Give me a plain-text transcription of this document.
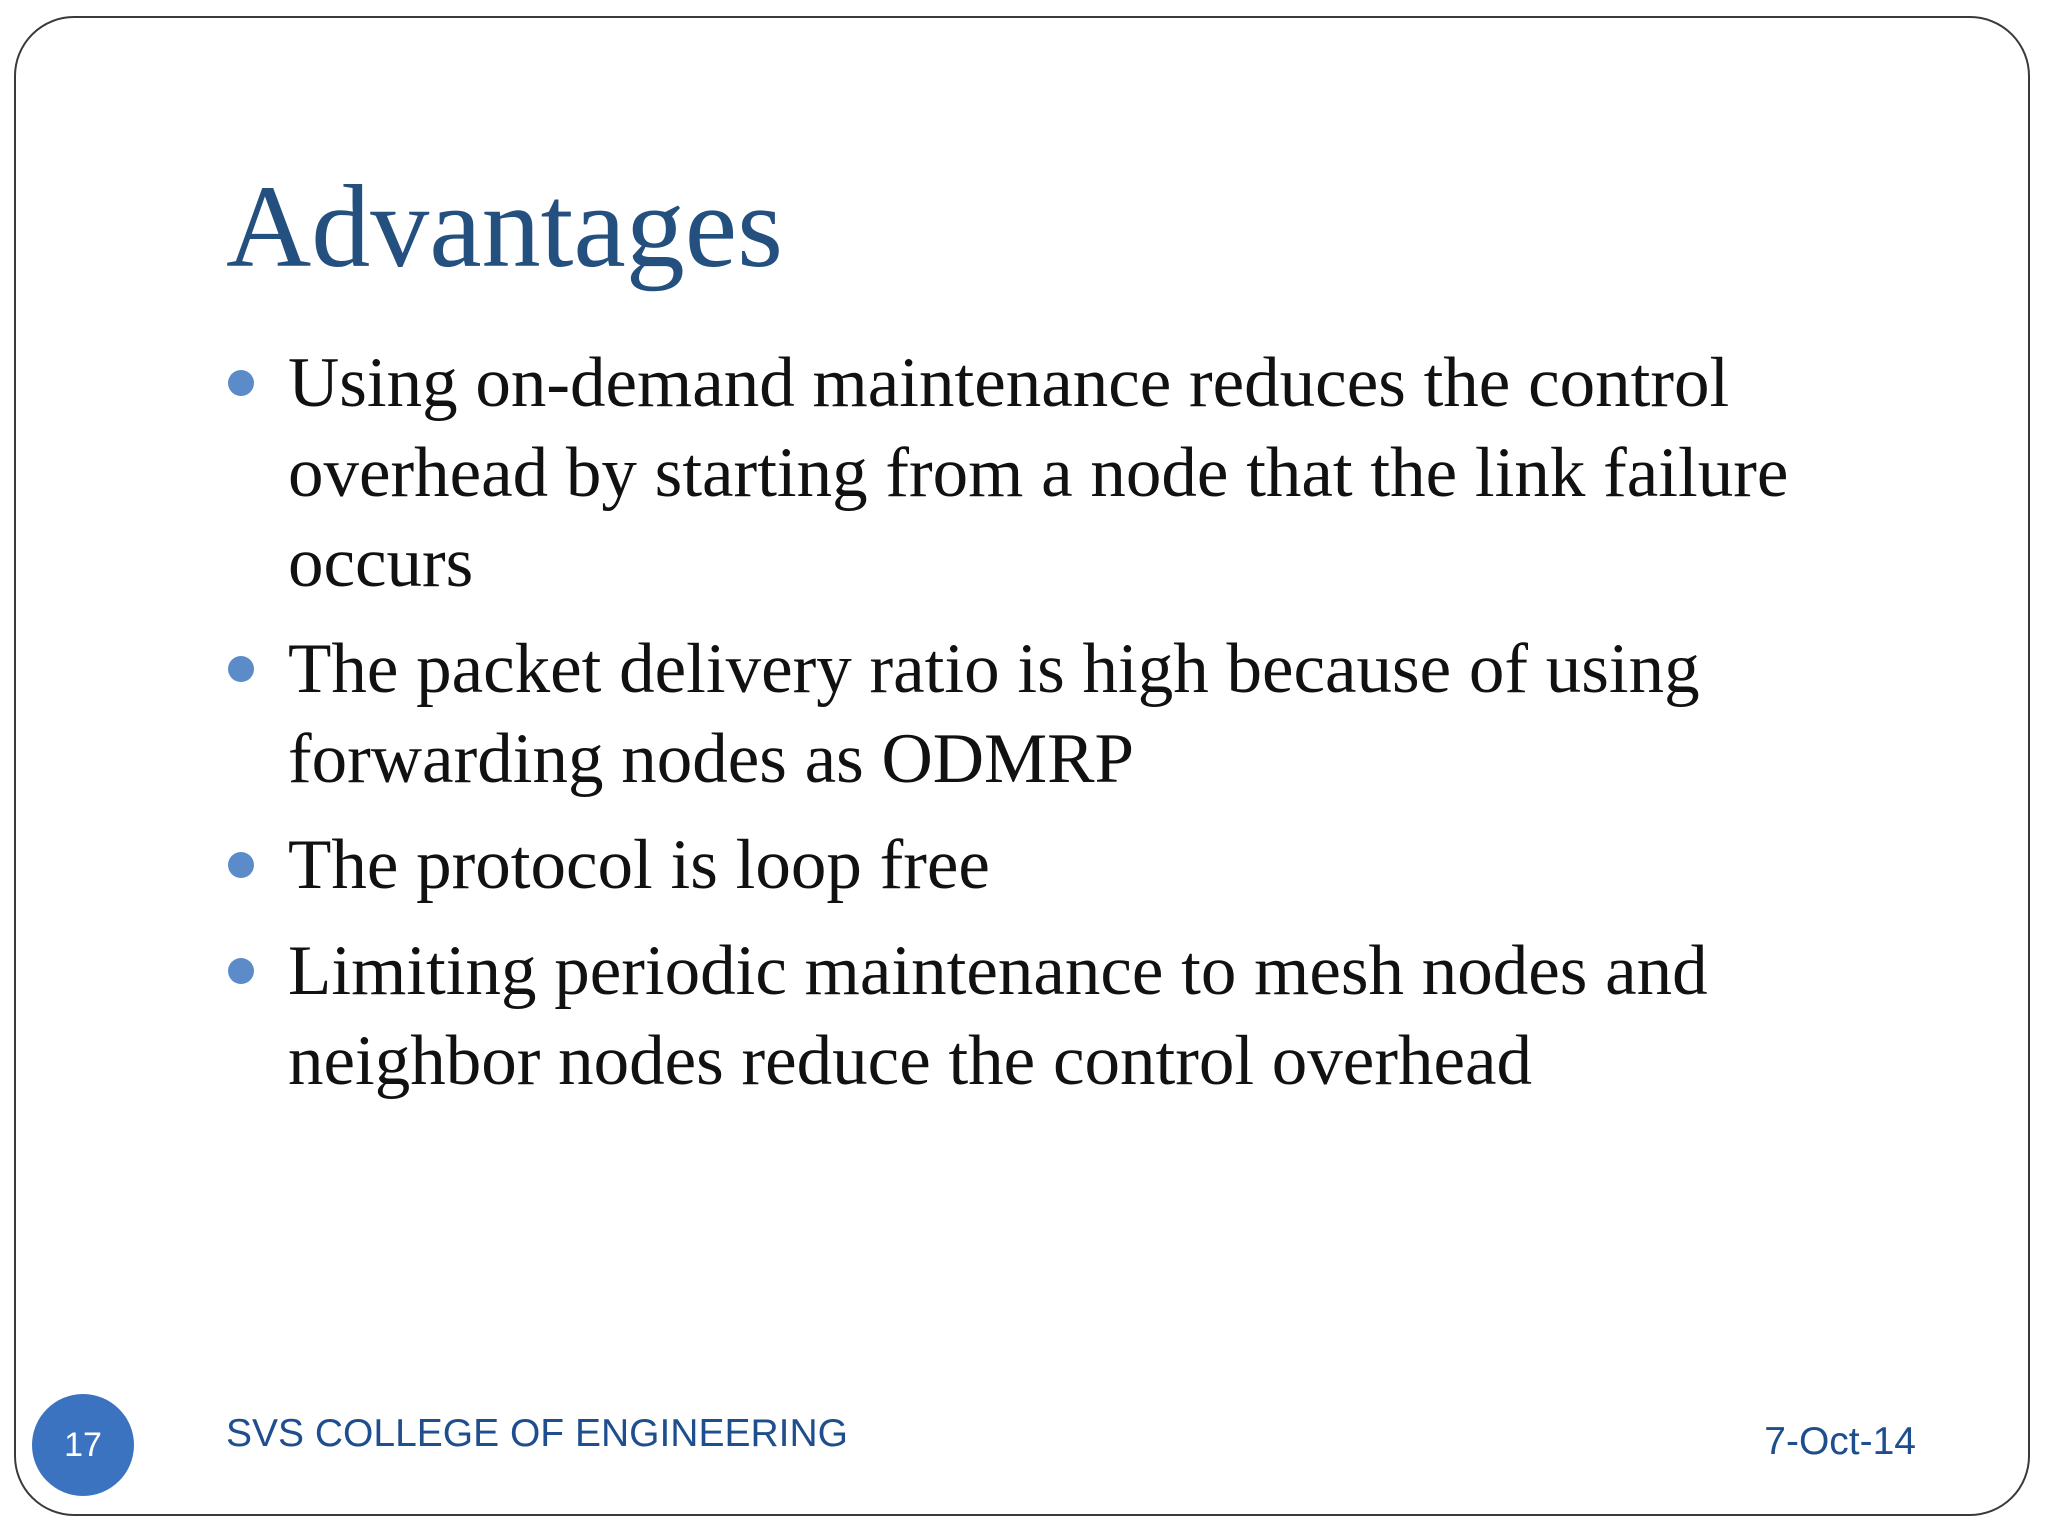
Advantages
Using on-demand maintenance reduces the control overhead by starting from a node that the link failure occurs
The packet delivery ratio is high because of using forwarding nodes as ODMRP
The protocol is loop free
Limiting periodic maintenance to mesh nodes and neighbor nodes reduce the control overhead
17	SVS COLLEGE OF ENGINEERING	7-Oct-14
